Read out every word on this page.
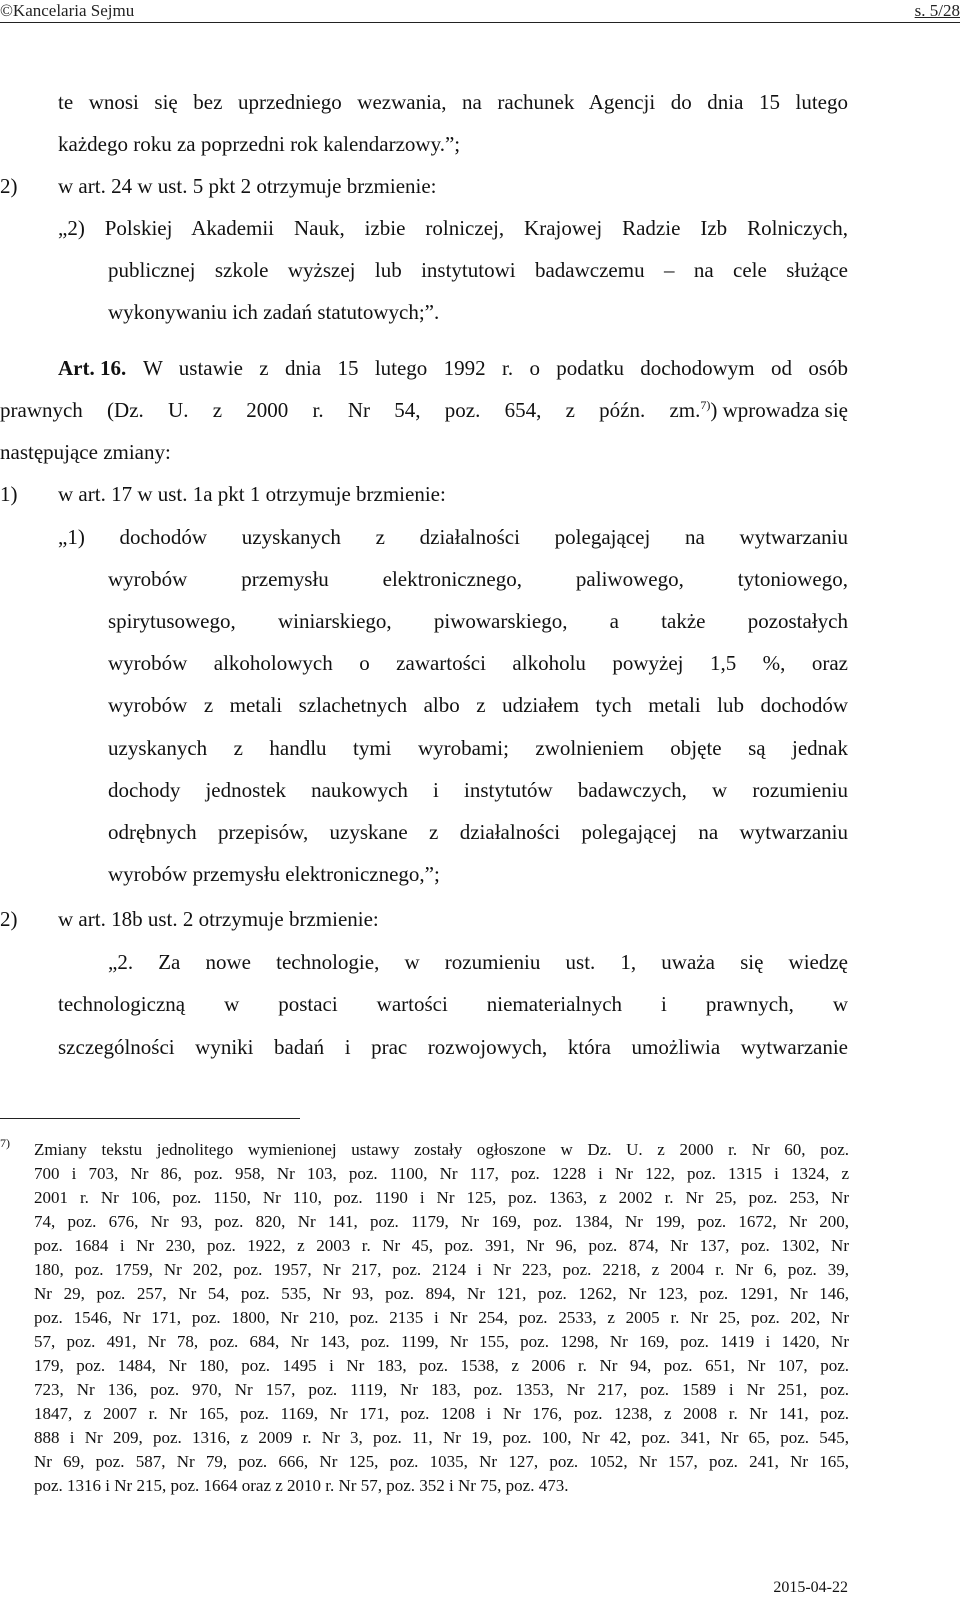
©Kancelaria Sejmu	s. 5/28
te wnosi się bez uprzedniego wezwania, na rachunek Agencji do dnia 15 lutego
każdego roku za poprzedni rok kalendarzowy.”;
2) w art. 24 w ust. 5 pkt 2 otrzymuje brzmienie:
„2) Polskiej Akademii Nauk, izbie rolniczej, Krajowej Radzie Izb Rolniczych,
publicznej szkole wyższej lub instytutowi badawczemu – na cele służące
wykonywaniu ich zadań statutowych;”.
Art. 16. W ustawie z dnia 15 lutego 1992 r. o podatku dochodowym od osób
prawnych (Dz. U. z 2000 r. Nr 54, poz. 654, z późn. zm. $^{7)}$) wprowadza się
następujące zmiany:
1) w art. 17 w ust. 1a pkt 1 otrzymuje brzmienie:
„1) dochodów uzyskanych z działalności polegającej na wytwarzaniu
wyrobów przemysłu elektronicznego, paliwowego, tytoniowego,
spirytusowego, winiarskiego, piwowarskiego, a także pozostałych
wyrobów alkoholowych o zawartości alkoholu powyżej 1,5 %, oraz
wyrobów z metali szlachetnych albo z udziałem tych metali lub dochodów
uzyskanych z handlu tymi wyrobami; zwolnieniem objęte są jednak
dochody jednostek naukowych i instytutów badawczych, w rozumieniu
odrębnych przepisów, uzyskane z działalności polegającej na wytwarzaniu
wyrobów przemysłu elektronicznego,”;
2) w art. 18b ust. 2 otrzymuje brzmienie:
„2. Za nowe technologie, w rozumieniu ust. 1, uważa się wiedzę
technologiczną w postaci wartości niematerialnych i prawnych, w
szczególności wyniki badań i prac rozwojowych, która umożliwia wytwarzanie
7) Zmiany tekstu jednolitego wymienionej ustawy zostały ogłoszone w Dz. U. z 2000 r. Nr 60, poz.
700 i 703, Nr 86, poz. 958, Nr 103, poz. 1100, Nr 117, poz. 1228 i Nr 122, poz. 1315 i 1324, z
2001 r. Nr 106, poz. 1150, Nr 110, poz. 1190 i Nr 125, poz. 1363, z 2002 r. Nr 25, poz. 253, Nr
74, poz. 676, Nr 93, poz. 820, Nr 141, poz. 1179, Nr 169, poz. 1384, Nr 199, poz. 1672, Nr 200,
poz. 1684 i Nr 230, poz. 1922, z 2003 r. Nr 45, poz. 391, Nr 96, poz. 874, Nr 137, poz. 1302, Nr
180, poz. 1759, Nr 202, poz. 1957, Nr 217, poz. 2124 i Nr 223, poz. 2218, z 2004 r. Nr 6, poz. 39,
Nr 29, poz. 257, Nr 54, poz. 535, Nr 93, poz. 894, Nr 121, poz. 1262, Nr 123, poz. 1291, Nr 146,
poz. 1546, Nr 171, poz. 1800, Nr 210, poz. 2135 i Nr 254, poz. 2533, z 2005 r. Nr 25, poz. 202, Nr
57, poz. 491, Nr 78, poz. 684, Nr 143, poz. 1199, Nr 155, poz. 1298, Nr 169, poz. 1419 i 1420, Nr
179, poz. 1484, Nr 180, poz. 1495 i Nr 183, poz. 1538, z 2006 r. Nr 94, poz. 651, Nr 107, poz.
723, Nr 136, poz. 970, Nr 157, poz. 1119, Nr 183, poz. 1353, Nr 217, poz. 1589 i Nr 251, poz.
1847, z 2007 r. Nr 165, poz. 1169, Nr 171, poz. 1208 i Nr 176, poz. 1238, z 2008 r. Nr 141, poz.
888 i Nr 209, poz. 1316, z 2009 r. Nr 3, poz. 11, Nr 19, poz. 100, Nr 42, poz. 341, Nr 65, poz. 545,
Nr 69, poz. 587, Nr 79, poz. 666, Nr 125, poz. 1035, Nr 127, poz. 1052, Nr 157, poz. 241, Nr 165,
poz. 1316 i Nr 215, poz. 1664 oraz z 2010 r. Nr 57, poz. 352 i Nr 75, poz. 473.
2015-04-22
